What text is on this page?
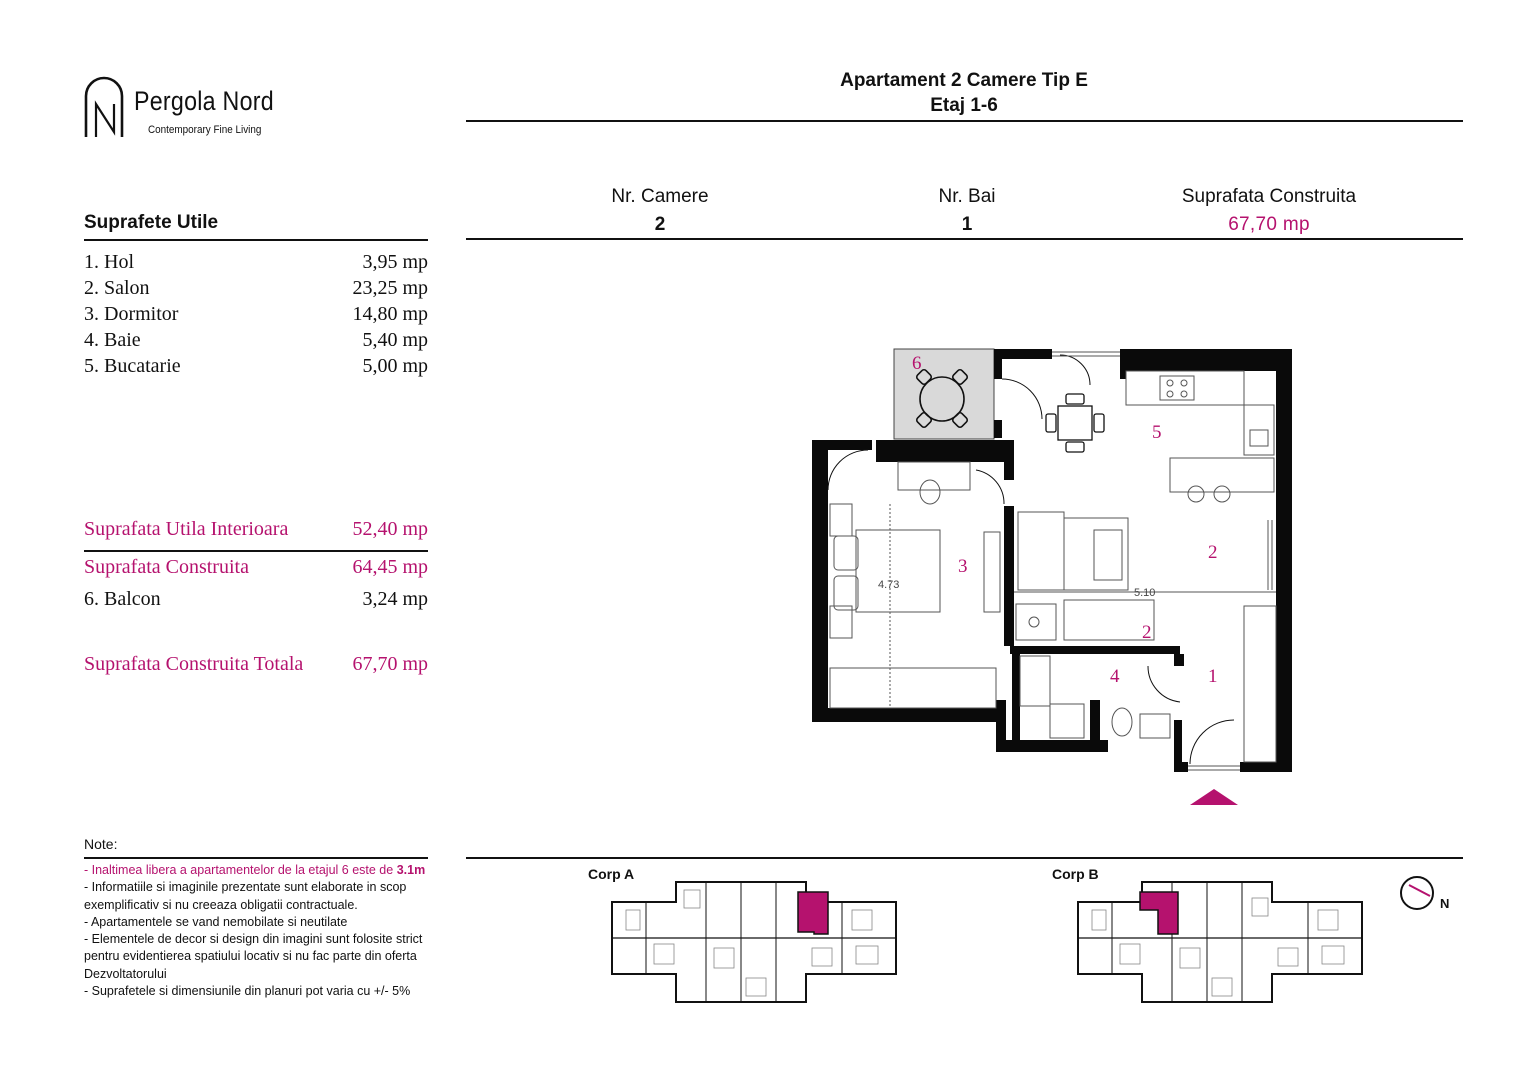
Pergola Nord
Contemporary Fine Living
Apartament 2 Camere Tip E
Etaj 1-6
Nr. Camere
2
Nr. Bai
1
Suprafata Construita
67,70 mp
Suprafete Utile
1. Hol	3,95 mp
2. Salon	23,25 mp
3. Dormitor	14,80 mp
4. Baie	5,40 mp
5. Bucatarie	5,00 mp
Suprafata Utila Interioara	52,40 mp
Suprafata Construita	64,45 mp
6. Balcon	3,24 mp
Suprafata Construita Totala 67,70 mp
4.73
5.10
6
5
2
3
2
4	1
Note:
- Inaltimea libera a apartamentelor de la etajul 6 este de 3.1m
- Informatiile si imaginile prezentate sunt elaborate in scop exemplificativ si nu creeaza obligatii contractuale.
- Apartamentele se vand nemobilate si neutilate
- Elementele de decor si design din imagini sunt folosite strict pentru evidentierea spatiului locativ si nu fac parte din oferta Dezvoltatorului
- Suprafetele si dimensiunile din planuri pot varia cu +/- 5%
Corp A	Corp B
N
